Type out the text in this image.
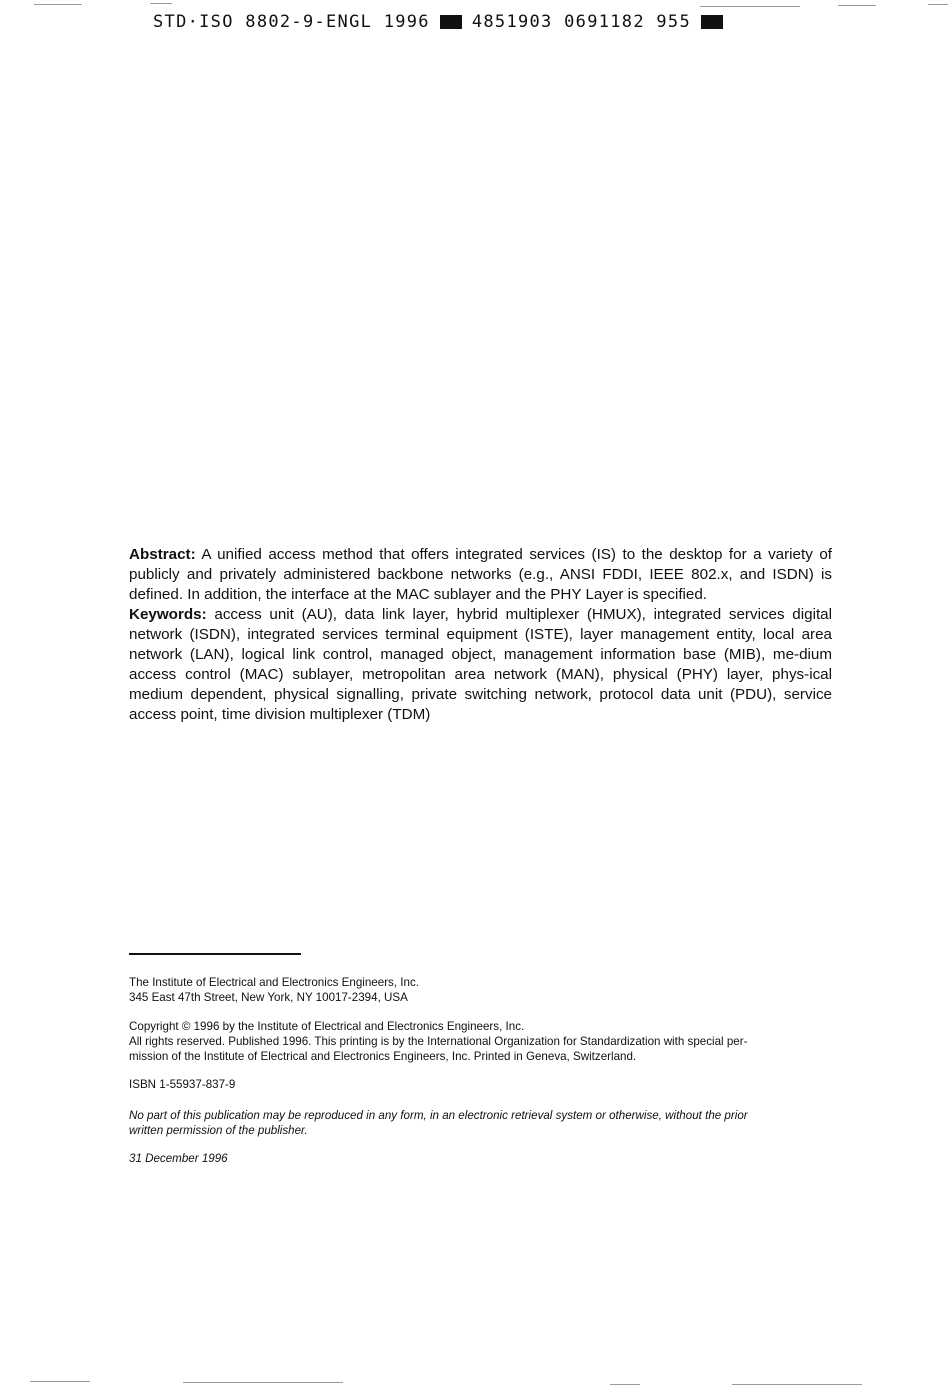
STD·ISO 8802-9-ENGL 1996 4851903 0691182 955

Abstract: A unified access method that offers integrated services (IS) to the desktop for a variety of publicly and privately administered backbone networks (e.g., ANSI FDDI, IEEE 802.x, and ISDN) is defined. In addition, the interface at the MAC sublayer and the PHY Layer is specified.

Keywords: access unit (AU), data link layer, hybrid multiplexer (HMUX), integrated services digital network (ISDN), integrated services terminal equipment (ISTE), layer management entity, local area network (LAN), logical link control, managed object, management information base (MIB), me-dium access control (MAC) sublayer, metropolitan area network (MAN), physical (PHY) layer, phys-ical medium dependent, physical signalling, private switching network, protocol data unit (PDU), service access point, time division multiplexer (TDM)

The Institute of Electrical and Electronics Engineers, Inc.
345 East 47th Street, New York, NY 10017-2394, USA
Copyright © 1996 by the Institute of Electrical and Electronics Engineers, Inc.
All rights reserved. Published 1996. This printing is by the International Organization for Standardization with special per-
mission of the Institute of Electrical and Electronics Engineers, Inc. Printed in Geneva, Switzerland.
ISBN 1-55937-837-9
No part of this publication may be reproduced in any form, in an electronic retrieval system or otherwise, without the prior
written permission of the publisher.
31 December 1996
